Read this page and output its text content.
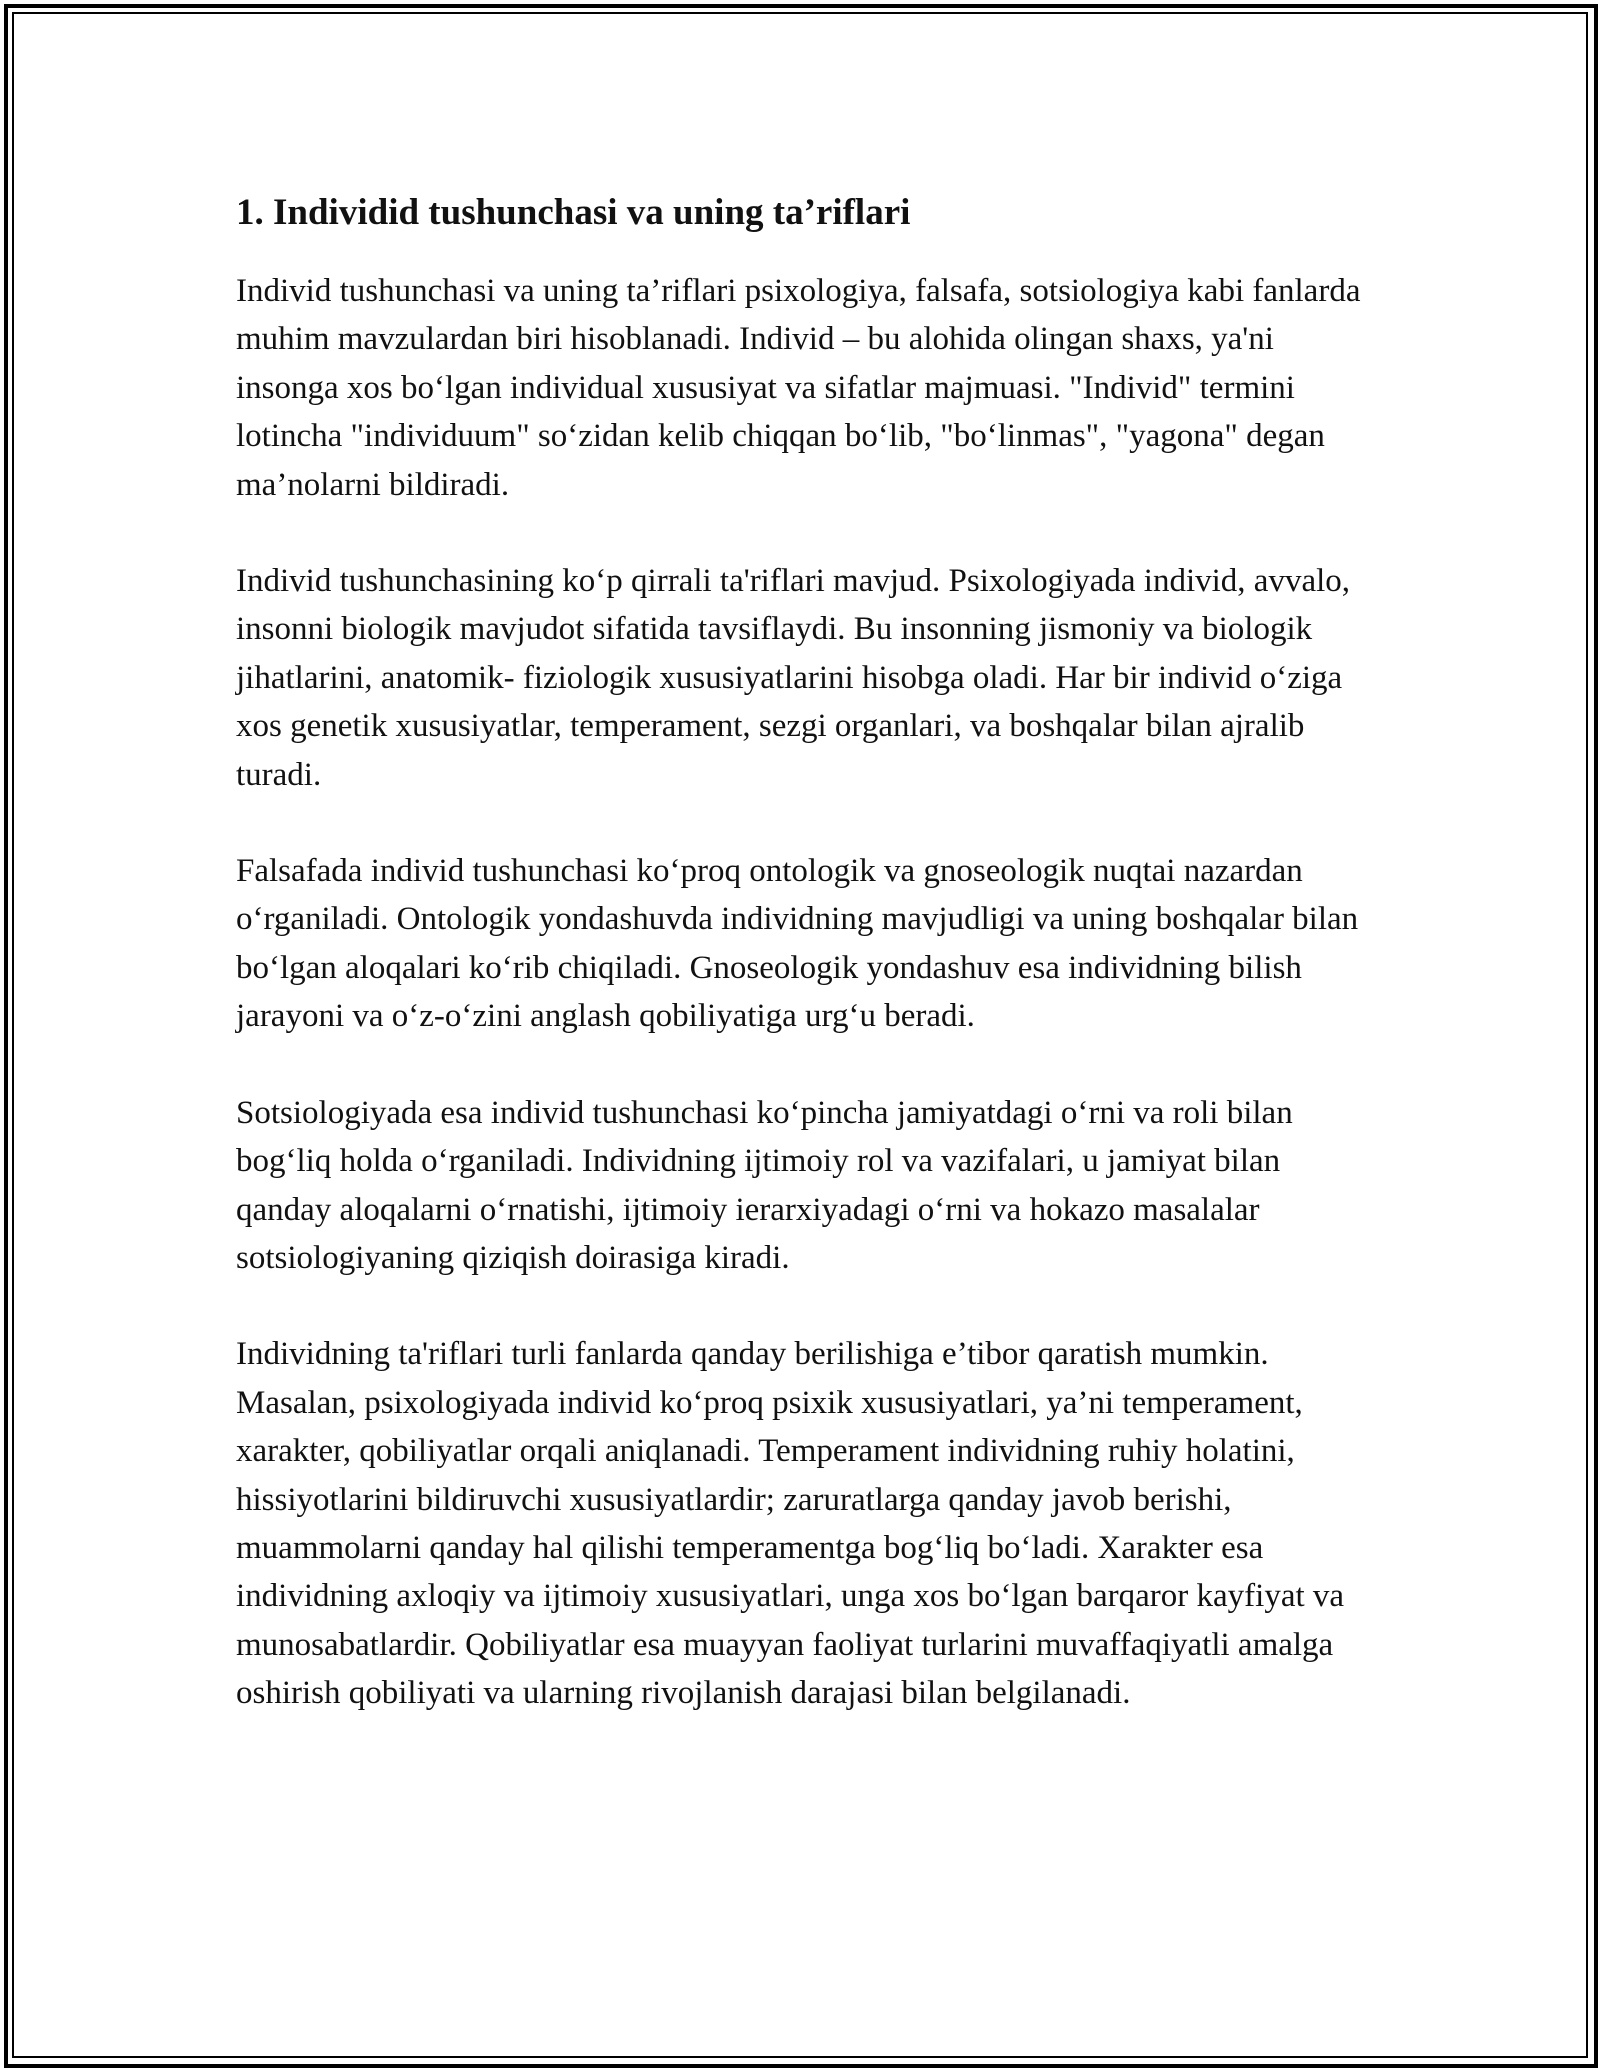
1. Individid tushunchasi va uning ta’riflari

Individ tushunchasi va uning ta’riflari psixologiya, falsafa, sotsiologiya kabi fanlarda muhim mavzulardan biri hisoblanadi. Individ – bu alohida olingan shaxs, ya'ni insonga xos bo‘lgan individual xususiyat va sifatlar majmuasi. "Individ" termini lotincha "individuum" so‘zidan kelib chiqqan bo‘lib, "bo‘linmas", "yagona" degan ma’nolarni bildiradi.

Individ tushunchasining ko‘p qirrali ta'riflari mavjud. Psixologiyada individ, avvalo, insonni biologik mavjudot sifatida tavsiflaydi. Bu insonning jismoniy va biologik jihatlarini, anatomik- fiziologik xususiyatlarini hisobga oladi. Har bir individ o‘ziga xos genetik xususiyatlar, temperament, sezgi organlari, va boshqalar bilan ajralib turadi.

Falsafada individ tushunchasi ko‘proq ontologik va gnoseologik nuqtai nazardan o‘rganiladi. Ontologik yondashuvda individning mavjudligi va uning boshqalar bilan bo‘lgan aloqalari ko‘rib chiqiladi. Gnoseologik yondashuv esa individning bilish jarayoni va o‘z-o‘zini anglash qobiliyatiga urg‘u beradi.

Sotsiologiyada esa individ tushunchasi ko‘pincha jamiyatdagi o‘rni va roli bilan bog‘liq holda o‘rganiladi. Individning ijtimoiy rol va vazifalari, u jamiyat bilan qanday aloqalarni o‘rnatishi, ijtimoiy ierarxiyadagi o‘rni va hokazo masalalar sotsiologiyaning qiziqish doirasiga kiradi.

Individning ta'riflari turli fanlarda qanday berilishiga e’tibor qaratish mumkin. Masalan, psixologiyada individ ko‘proq psixik xususiyatlari, ya’ni temperament, xarakter, qobiliyatlar orqali aniqlanadi. Temperament individning ruhiy holatini, hissiyotlarini bildiruvchi xususiyatlardir; zaruratlarga qanday javob berishi, muammolarni qanday hal qilishi temperamentga bog‘liq bo‘ladi. Xarakter esa individning axloqiy va ijtimoiy xususiyatlari, unga xos bo‘lgan barqaror kayfiyat va munosabatlardir. Qobiliyatlar esa muayyan faoliyat turlarini muvaffaqiyatli amalga oshirish qobiliyati va ularning rivojlanish darajasi bilan belgilanadi.
